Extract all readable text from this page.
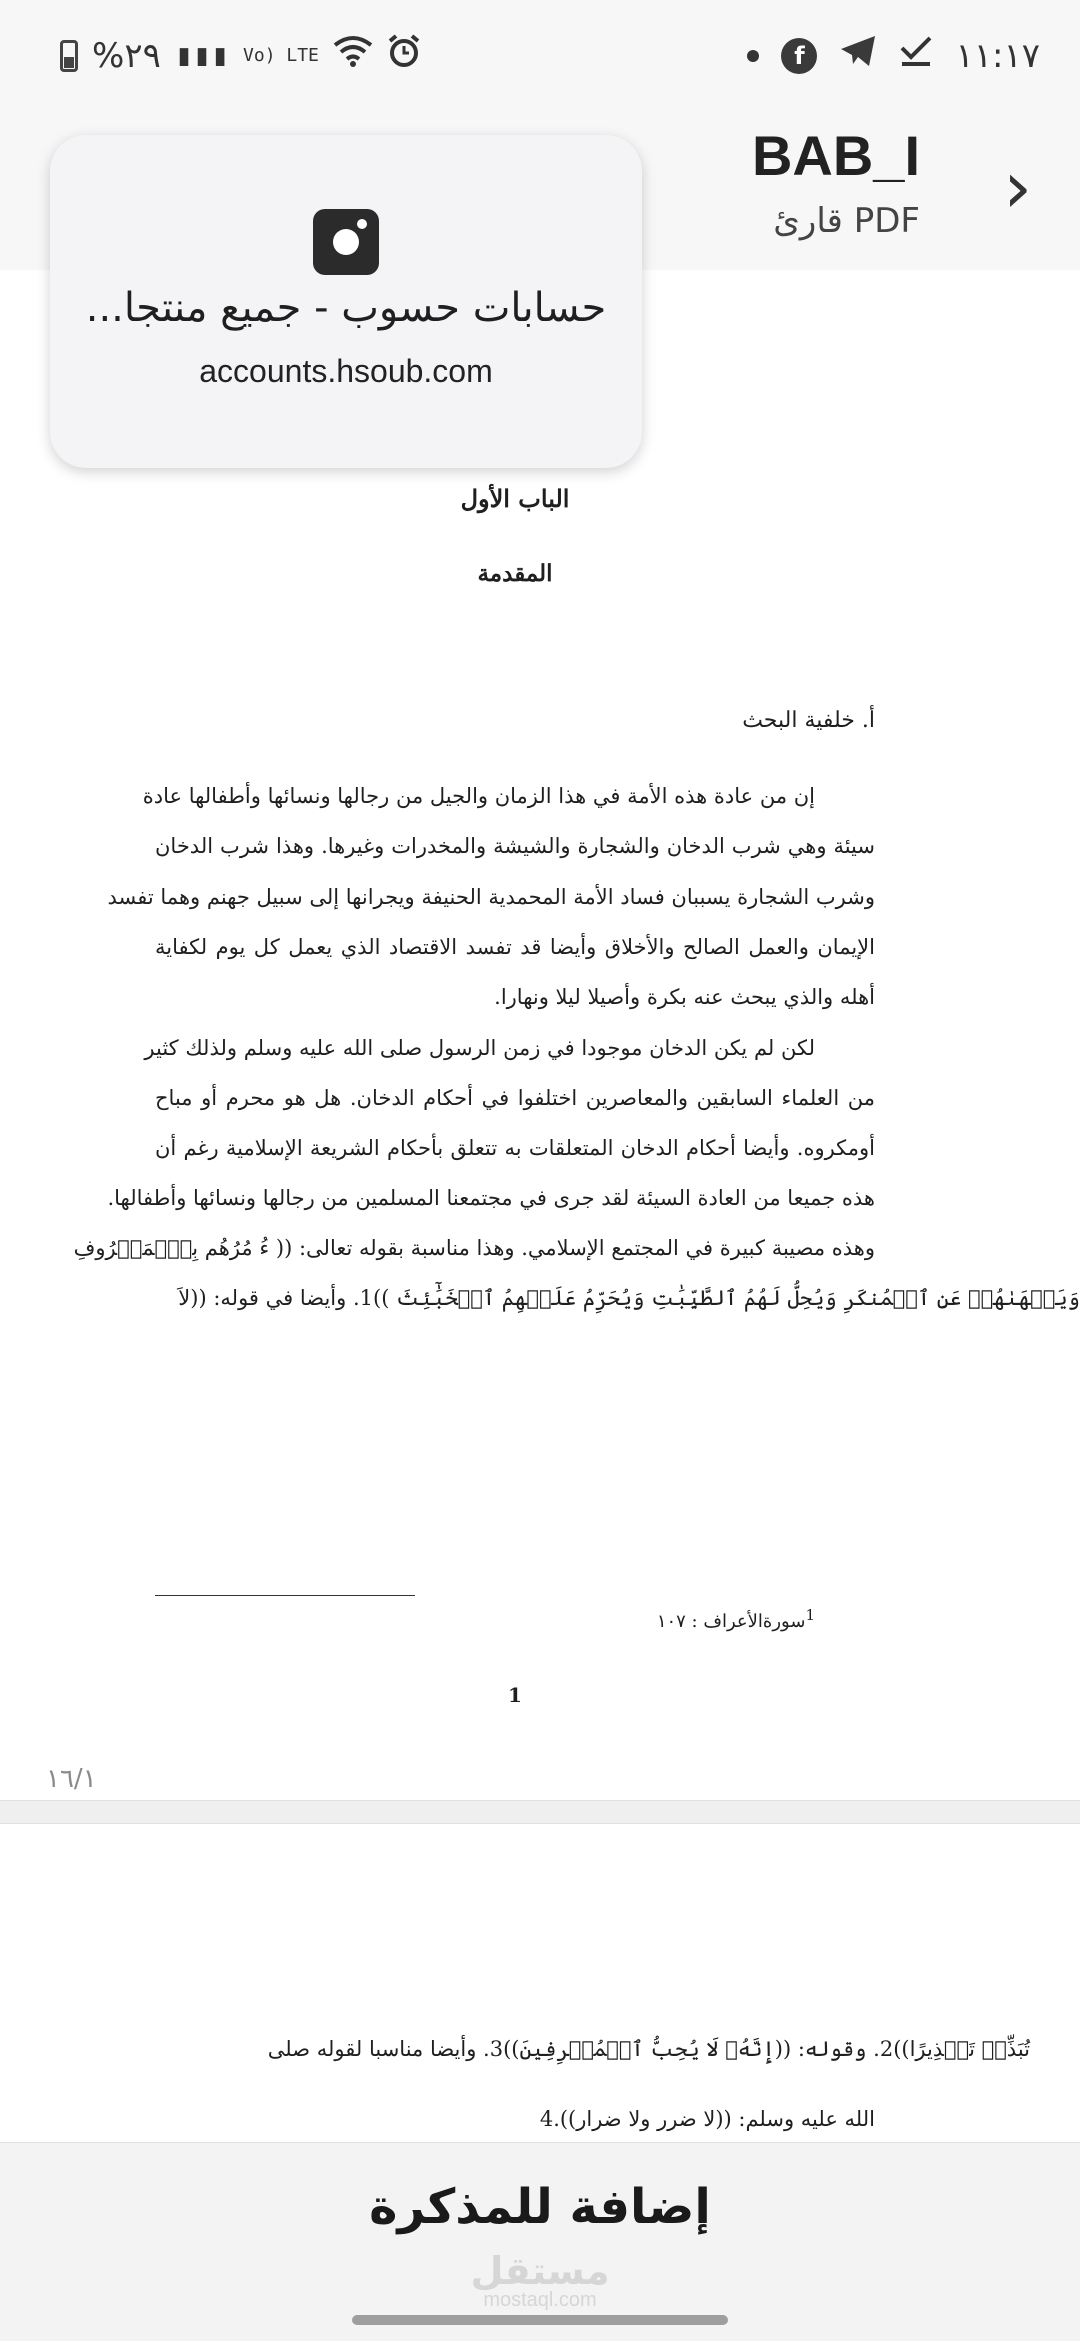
%٢٩ ▮▮▮ Vo) LTE	f	١١:١٧
›
BAB_I
قارئ PDF
الباب الأول
المقدمة
أ. خلفية البحث
إن من عادة هذه الأمة في هذا الزمان والجيل من رجالها ونسائها وأطفالها عادة
سيئة وهي شرب الدخان والشجارة والشيشة والمخدرات وغيرها. وهذا شرب الدخان
وشرب الشجارة يسببان فساد الأمة المحمدية الحنيفة ويجرانها إلى سبيل جهنم وهما تفسد
الإيمان والعمل الصالح والأخلاق وأيضا قد تفسد الاقتصاد الذي يعمل كل يوم لكفاية
أهله والذي يبحث عنه بكرة وأصيلا ليلا ونهارا.
لكن لم يكن الدخان موجودا في زمن الرسول صلى الله عليه وسلم ولذلك كثير
من العلماء السابقين والمعاصرين اختلفوا في أحكام الدخان. هل هو محرم أو مباح
أومكروه. وأيضا أحكام الدخان المتعلقات به تتعلق بأحكام الشريعة الإسلامية رغم أن
هذه جميعا من العادة السيئة لقد جرى في مجتمعنا المسلمين من رجالها ونسائها وأطفالها.
وهذه مصيبة كبيرة في المجتمع الإسلامي. وهذا مناسبة بقوله تعالى: (( ءُ مُرُهُم بِٱلۡمَعۡرُوفِ
وَيَنۡهَىٰهُمۡ عَنِ ٱلۡمُنكَرِ وَيُحِلُّ لَهُمُ ٱلطَّيِّبَٰتِ وَيُحَرِّمُ عَلَيۡهِمُ ٱلۡخَبَٰٓئِثَ ))1. وأيضا في قوله: ((لاَ
$^1$سورةالأعراف : ١٠٧
1
حسابات حسوب - جميع منتجا...
accounts.hsoub.com
١٦/١
تُبَذِّرۡ تَبۡذِيرًا))2. وقوله: ((إِنَّهُۥ لَا يُحِبُّ ٱلۡمُسۡرِفِينَ))3. وأيضا مناسبا لقوله صلى
الله عليه وسلم: ((لا ضرر ولا ضرار)).4
إضافة للمذكرة
مستقل
mostaql.com
